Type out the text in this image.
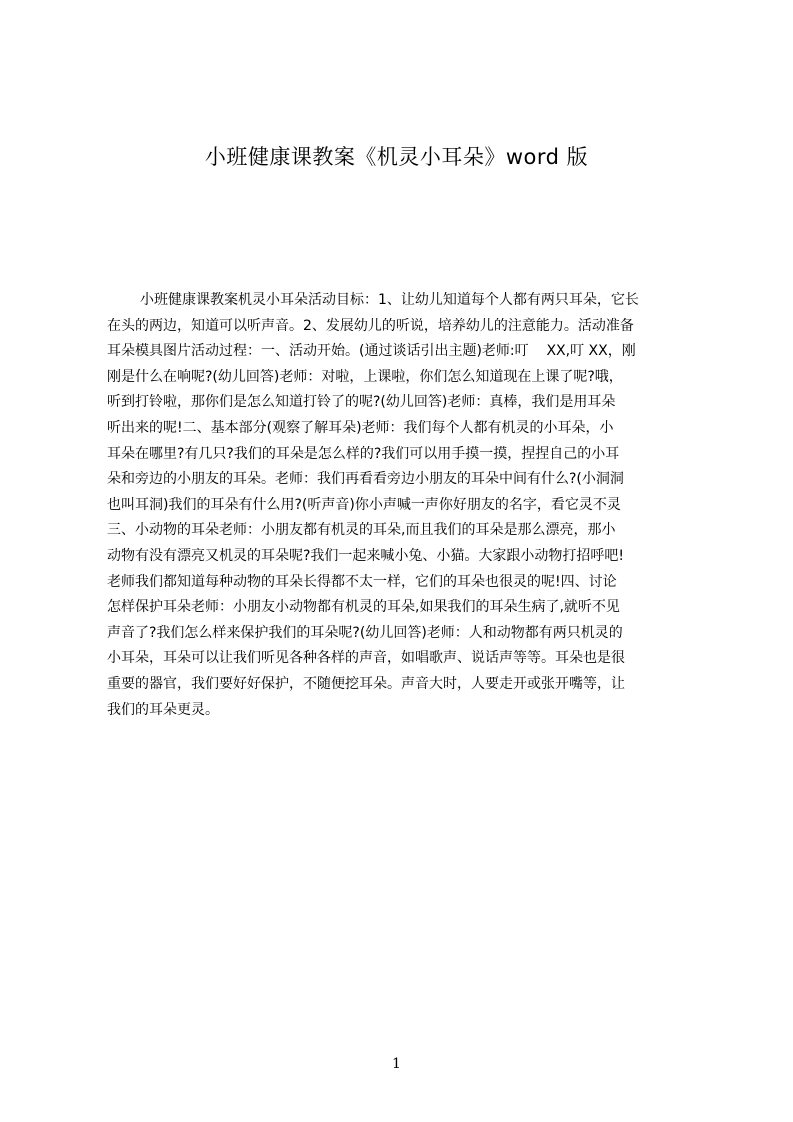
小班健康课教案《机灵小耳朵》word 版
小班健康课教案机灵小耳朵活动目标：1、让幼儿知道每个人都有两只耳朵，它长
在头的两边，知道可以听声音。2、发展幼儿的听说，培养幼儿的注意能力。活动准备
耳朵模具图片活动过程：一、活动开始。(通过谈话引出主题)老师:叮    XX,叮 XX，刚
刚是什么在响呢?(幼儿回答)老师：对啦，上课啦，你们怎么知道现在上课了呢?哦，
听到打铃啦，那你们是怎么知道打铃了的呢?(幼儿回答)老师：真棒，我们是用耳朵
听出来的呢!二、基本部分(观察了解耳朵)老师：我们每个人都有机灵的小耳朵，小
耳朵在哪里?有几只?我们的耳朵是怎么样的?我们可以用手摸一摸，捏捏自己的小耳
朵和旁边的小朋友的耳朵。老师：我们再看看旁边小朋友的耳朵中间有什么?(小洞洞
也叫耳洞)我们的耳朵有什么用?(听声音)你小声喊一声你好朋友的名字，看它灵不灵
三、小动物的耳朵老师：小朋友都有机灵的耳朵,而且我们的耳朵是那么漂亮，那小
动物有没有漂亮又机灵的耳朵呢?我们一起来喊小兔、小猫。大家跟小动物打招呼吧!
老师我们都知道每种动物的耳朵长得都不太一样，它们的耳朵也很灵的呢!四、讨论
怎样保护耳朵老师：小朋友小动物都有机灵的耳朵,如果我们的耳朵生病了,就听不见
声音了?我们怎么样来保护我们的耳朵呢?(幼儿回答)老师：人和动物都有两只机灵的
小耳朵，耳朵可以让我们听见各种各样的声音，如唱歌声、说话声等等。耳朵也是很
重要的器官，我们要好好保护，不随便挖耳朵。声音大时，人要走开或张开嘴等，让
我们的耳朵更灵。
1
